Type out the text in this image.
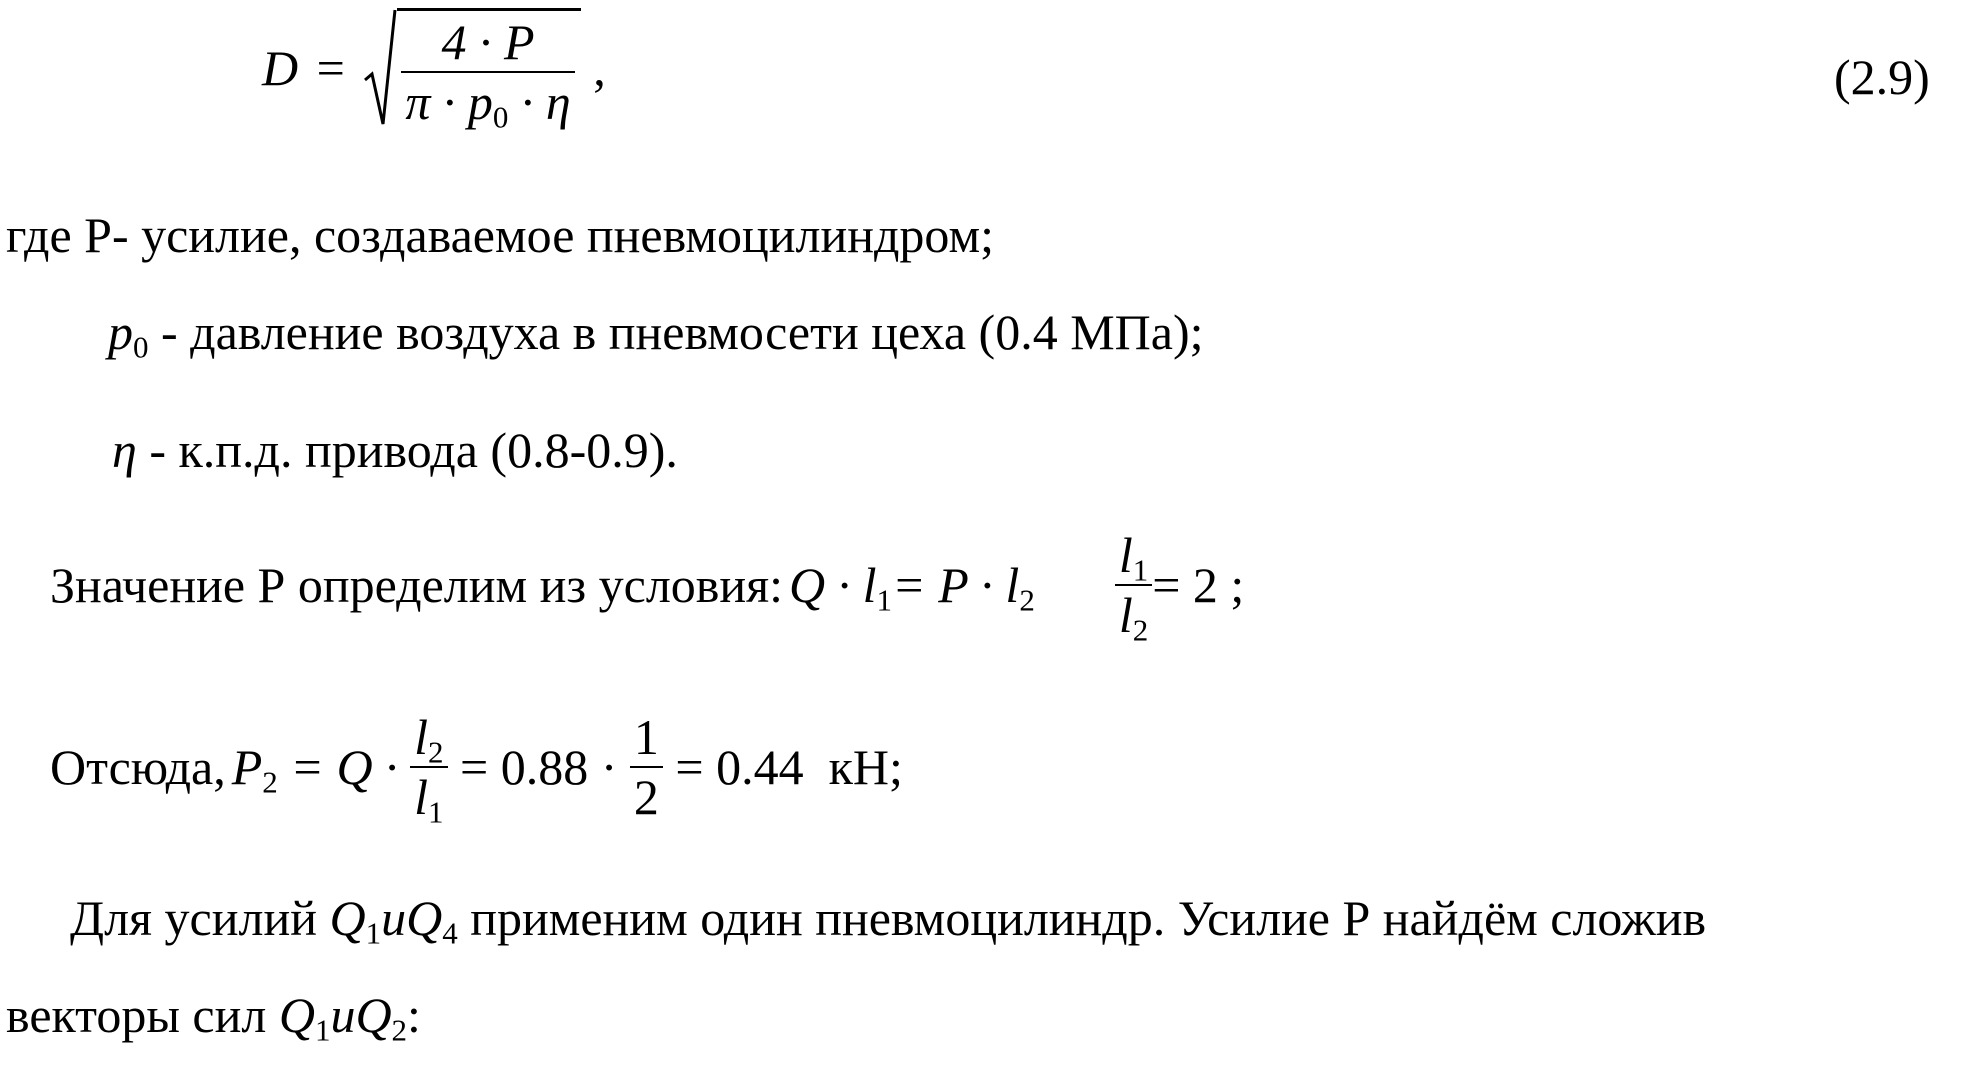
$D = \frac{4 \cdot P}{\pi \cdot p_0 \cdot \eta}$ ,	(2.9)
где Р- усилие, создаваемое пневмоцилиндром;
$p_0$ - давление воздуха в пневмосети цеха (0.4 МПа);
η - к.п.д. привода (0.8-0.9).
Значение Р определим из условия: $Q \cdot l_1 = P \cdot l_2 \frac{l_1}{l_2} = 2$ ;
Отсюда, $P_2 = Q \cdot \frac{l_2}{l_1} = 0.88 \cdot \frac{1}{2} = 0.44$  кН;
Для усилий $Q_1uQ_4$ применим один пневмоцилиндр. Усилие Р найдём сложив
векторы сил $Q_1uQ_2$:
